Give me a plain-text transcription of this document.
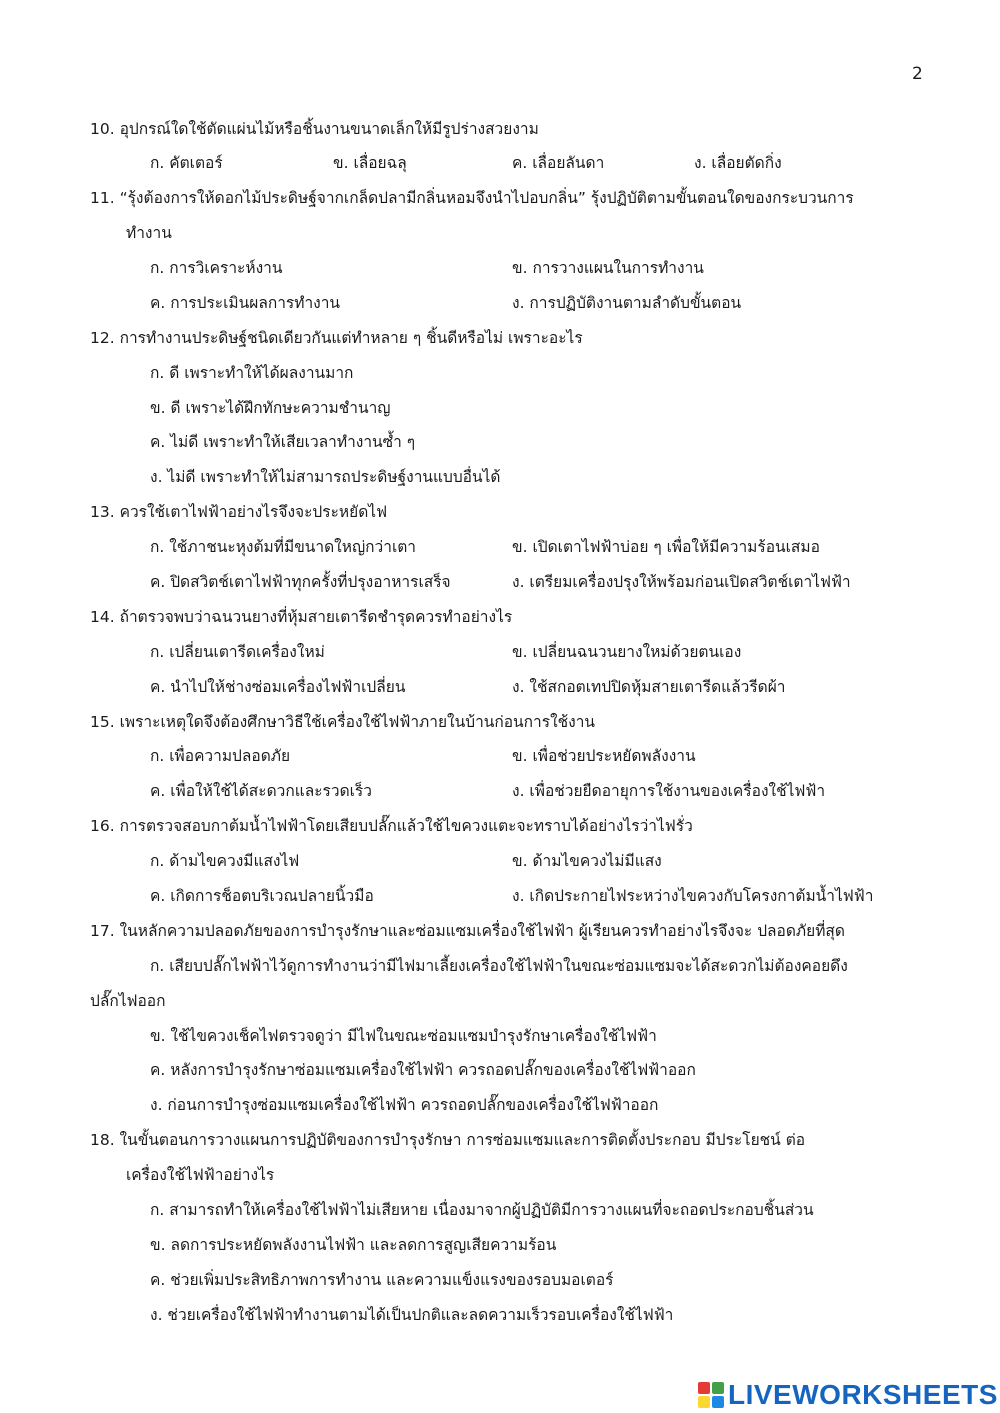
2
10. อุปกรณ์ใดใช้ตัดแผ่นไม้หรือชิ้นงานขนาดเล็กให้มีรูปร่างสวยงาม
ก. คัตเตอร์	ข. เลื่อยฉลุ	ค. เลื่อยลันดา	ง. เลื่อยตัดกิ่ง
11. “รุ้งต้องการให้ดอกไม้ประดิษฐ์จากเกล็ดปลามีกลิ่นหอมจึงนำไปอบกลิ่น” รุ้งปฏิบัติตามขั้นตอนใดของกระบวนการ
ทำงาน
ก. การวิเคราะห์งาน	ข. การวางแผนในการทำงาน
ค. การประเมินผลการทำงาน	ง. การปฏิบัติงานตามลำดับขั้นตอน
12. การทำงานประดิษฐ์ชนิดเดียวกันแต่ทำหลาย ๆ ชิ้นดีหรือไม่ เพราะอะไร
ก. ดี เพราะทำให้ได้ผลงานมาก
ข. ดี เพราะได้ฝึกทักษะความชำนาญ
ค. ไม่ดี เพราะทำให้เสียเวลาทำงานซ้ำ ๆ
ง. ไม่ดี เพราะทำให้ไม่สามารถประดิษฐ์งานแบบอื่นได้
13. ควรใช้เตาไฟฟ้าอย่างไรจึงจะประหยัดไฟ
ก. ใช้ภาชนะหุงต้มที่มีขนาดใหญ่กว่าเตา	ข. เปิดเตาไฟฟ้าบ่อย ๆ เพื่อให้มีความร้อนเสมอ
ค. ปิดสวิตช์เตาไฟฟ้าทุกครั้งที่ปรุงอาหารเสร็จ	ง. เตรียมเครื่องปรุงให้พร้อมก่อนเปิดสวิตช์เตาไฟฟ้า
14. ถ้าตรวจพบว่าฉนวนยางที่หุ้มสายเตารีดชำรุดควรทำอย่างไร
ก. เปลี่ยนเตารีดเครื่องใหม่	ข. เปลี่ยนฉนวนยางใหม่ด้วยตนเอง
ค. นำไปให้ช่างซ่อมเครื่องไฟฟ้าเปลี่ยน	ง. ใช้สกอตเทปปิดหุ้มสายเตารีดแล้วรีดผ้า
15. เพราะเหตุใดจึงต้องศึกษาวิธีใช้เครื่องใช้ไฟฟ้าภายในบ้านก่อนการใช้งาน
ก. เพื่อความปลอดภัย	ข. เพื่อช่วยประหยัดพลังงาน
ค. เพื่อให้ใช้ได้สะดวกและรวดเร็ว	ง. เพื่อช่วยยืดอายุการใช้งานของเครื่องใช้ไฟฟ้า
16. การตรวจสอบกาต้มน้ำไฟฟ้าโดยเสียบปลั๊กแล้วใช้ไขควงแตะจะทราบได้อย่างไรว่าไฟรั่ว
ก. ด้ามไขควงมีแสงไฟ	ข. ด้ามไขควงไม่มีแสง
ค. เกิดการช็อตบริเวณปลายนิ้วมือ	ง. เกิดประกายไฟระหว่างไขควงกับโครงกาต้มน้ำไฟฟ้า
17. ในหลักความปลอดภัยของการบำรุงรักษาและซ่อมแซมเครื่องใช้ไฟฟ้า ผู้เรียนควรทำอย่างไรจึงจะ ปลอดภัยที่สุด
ก. เสียบปลั๊กไฟฟ้าไว้ดูการทำงานว่ามีไฟมาเลี้ยงเครื่องใช้ไฟฟ้าในขณะซ่อมแซมจะได้สะดวกไม่ต้องคอยดึง
ปลั๊กไฟออก
ข. ใช้ไขควงเช็คไฟตรวจดูว่า มีไฟในขณะซ่อมแซมบำรุงรักษาเครื่องใช้ไฟฟ้า
ค. หลังการบำรุงรักษาซ่อมแซมเครื่องใช้ไฟฟ้า ควรถอดปลั๊กของเครื่องใช้ไฟฟ้าออก
ง. ก่อนการบำรุงซ่อมแซมเครื่องใช้ไฟฟ้า ควรถอดปลั๊กของเครื่องใช้ไฟฟ้าออก
18. ในขั้นตอนการวางแผนการปฏิบัติของการบำรุงรักษา การซ่อมแซมและการติดตั้งประกอบ มีประโยชน์ ต่อ
เครื่องใช้ไฟฟ้าอย่างไร
ก. สามารถทำให้เครื่องใช้ไฟฟ้าไม่เสียหาย เนื่องมาจากผู้ปฏิบัติมีการวางแผนที่จะถอดประกอบชิ้นส่วน
ข. ลดการประหยัดพลังงานไฟฟ้า และลดการสูญเสียความร้อน
ค. ช่วยเพิ่มประสิทธิภาพการทำงาน และความแข็งแรงของรอบมอเตอร์
ง. ช่วยเครื่องใช้ไฟฟ้าทำงานตามได้เป็นปกติและลดความเร็วรอบเครื่องใช้ไฟฟ้า
LIVEWORKSHEETS
